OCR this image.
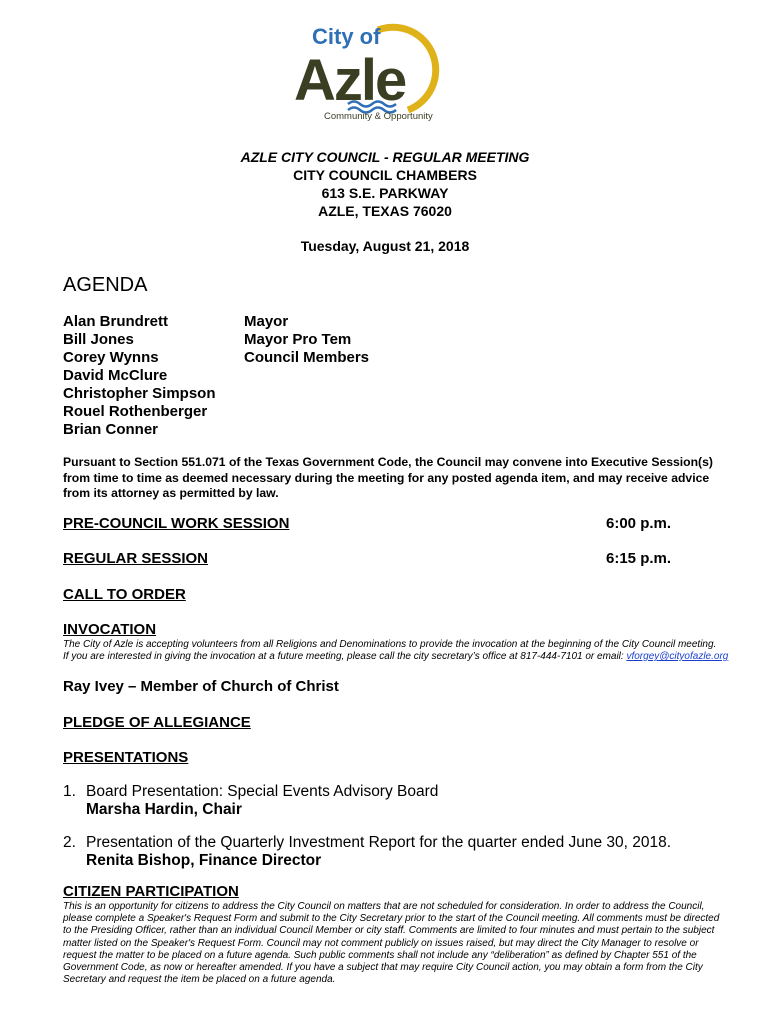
City of
Azle
Community & Opportunity
AZLE CITY COUNCIL - REGULAR MEETING
CITY COUNCIL CHAMBERS
613 S.E. PARKWAY
AZLE, TEXAS 76020
Tuesday, August 21, 2018
AGENDA
Alan Brundrett
Bill Jones
Corey Wynns
David McClure
Christopher Simpson
Rouel Rothenberger
Brian Conner
Mayor
Mayor Pro Tem
Council Members
Pursuant to Section 551.071 of the Texas Government Code, the Council may convene into Executive Session(s) from time to time as deemed necessary during the meeting for any posted agenda item, and may receive advice from its attorney as permitted by law.
PRE-COUNCIL WORK SESSION	6:00 p.m.
REGULAR SESSION	6:15 p.m.
CALL TO ORDER
INVOCATION
The City of Azle is accepting volunteers from all Religions and Denominations to provide the invocation at the beginning of the City Council meeting.
If you are interested in giving the invocation at a future meeting, please call the city secretary’s office at 817-444-7101 or email: vforgey@cityofazle.org
Ray Ivey – Member of Church of Christ
PLEDGE OF ALLEGIANCE
PRESENTATIONS
1. Board Presentation: Special Events Advisory Board
Marsha Hardin, Chair
2. Presentation of the Quarterly Investment Report for the quarter ended June 30, 2018.
Renita Bishop, Finance Director
CITIZEN PARTICIPATION
This is an opportunity for citizens to address the City Council on matters that are not scheduled for consideration. In order to address the Council,
please complete a Speaker's Request Form and submit to the City Secretary prior to the start of the Council meeting. All comments must be directed
to the Presiding Officer, rather than an individual Council Member or city staff. Comments are limited to four minutes and must pertain to the subject
matter listed on the Speaker's Request Form. Council may not comment publicly on issues raised, but may direct the City Manager to resolve or
request the matter to be placed on a future agenda. Such public comments shall not include any “deliberation” as defined by Chapter 551 of the
Government Code, as now or hereafter amended. If you have a subject that may require City Council action, you may obtain a form from the City
Secretary and request the item be placed on a future agenda.
